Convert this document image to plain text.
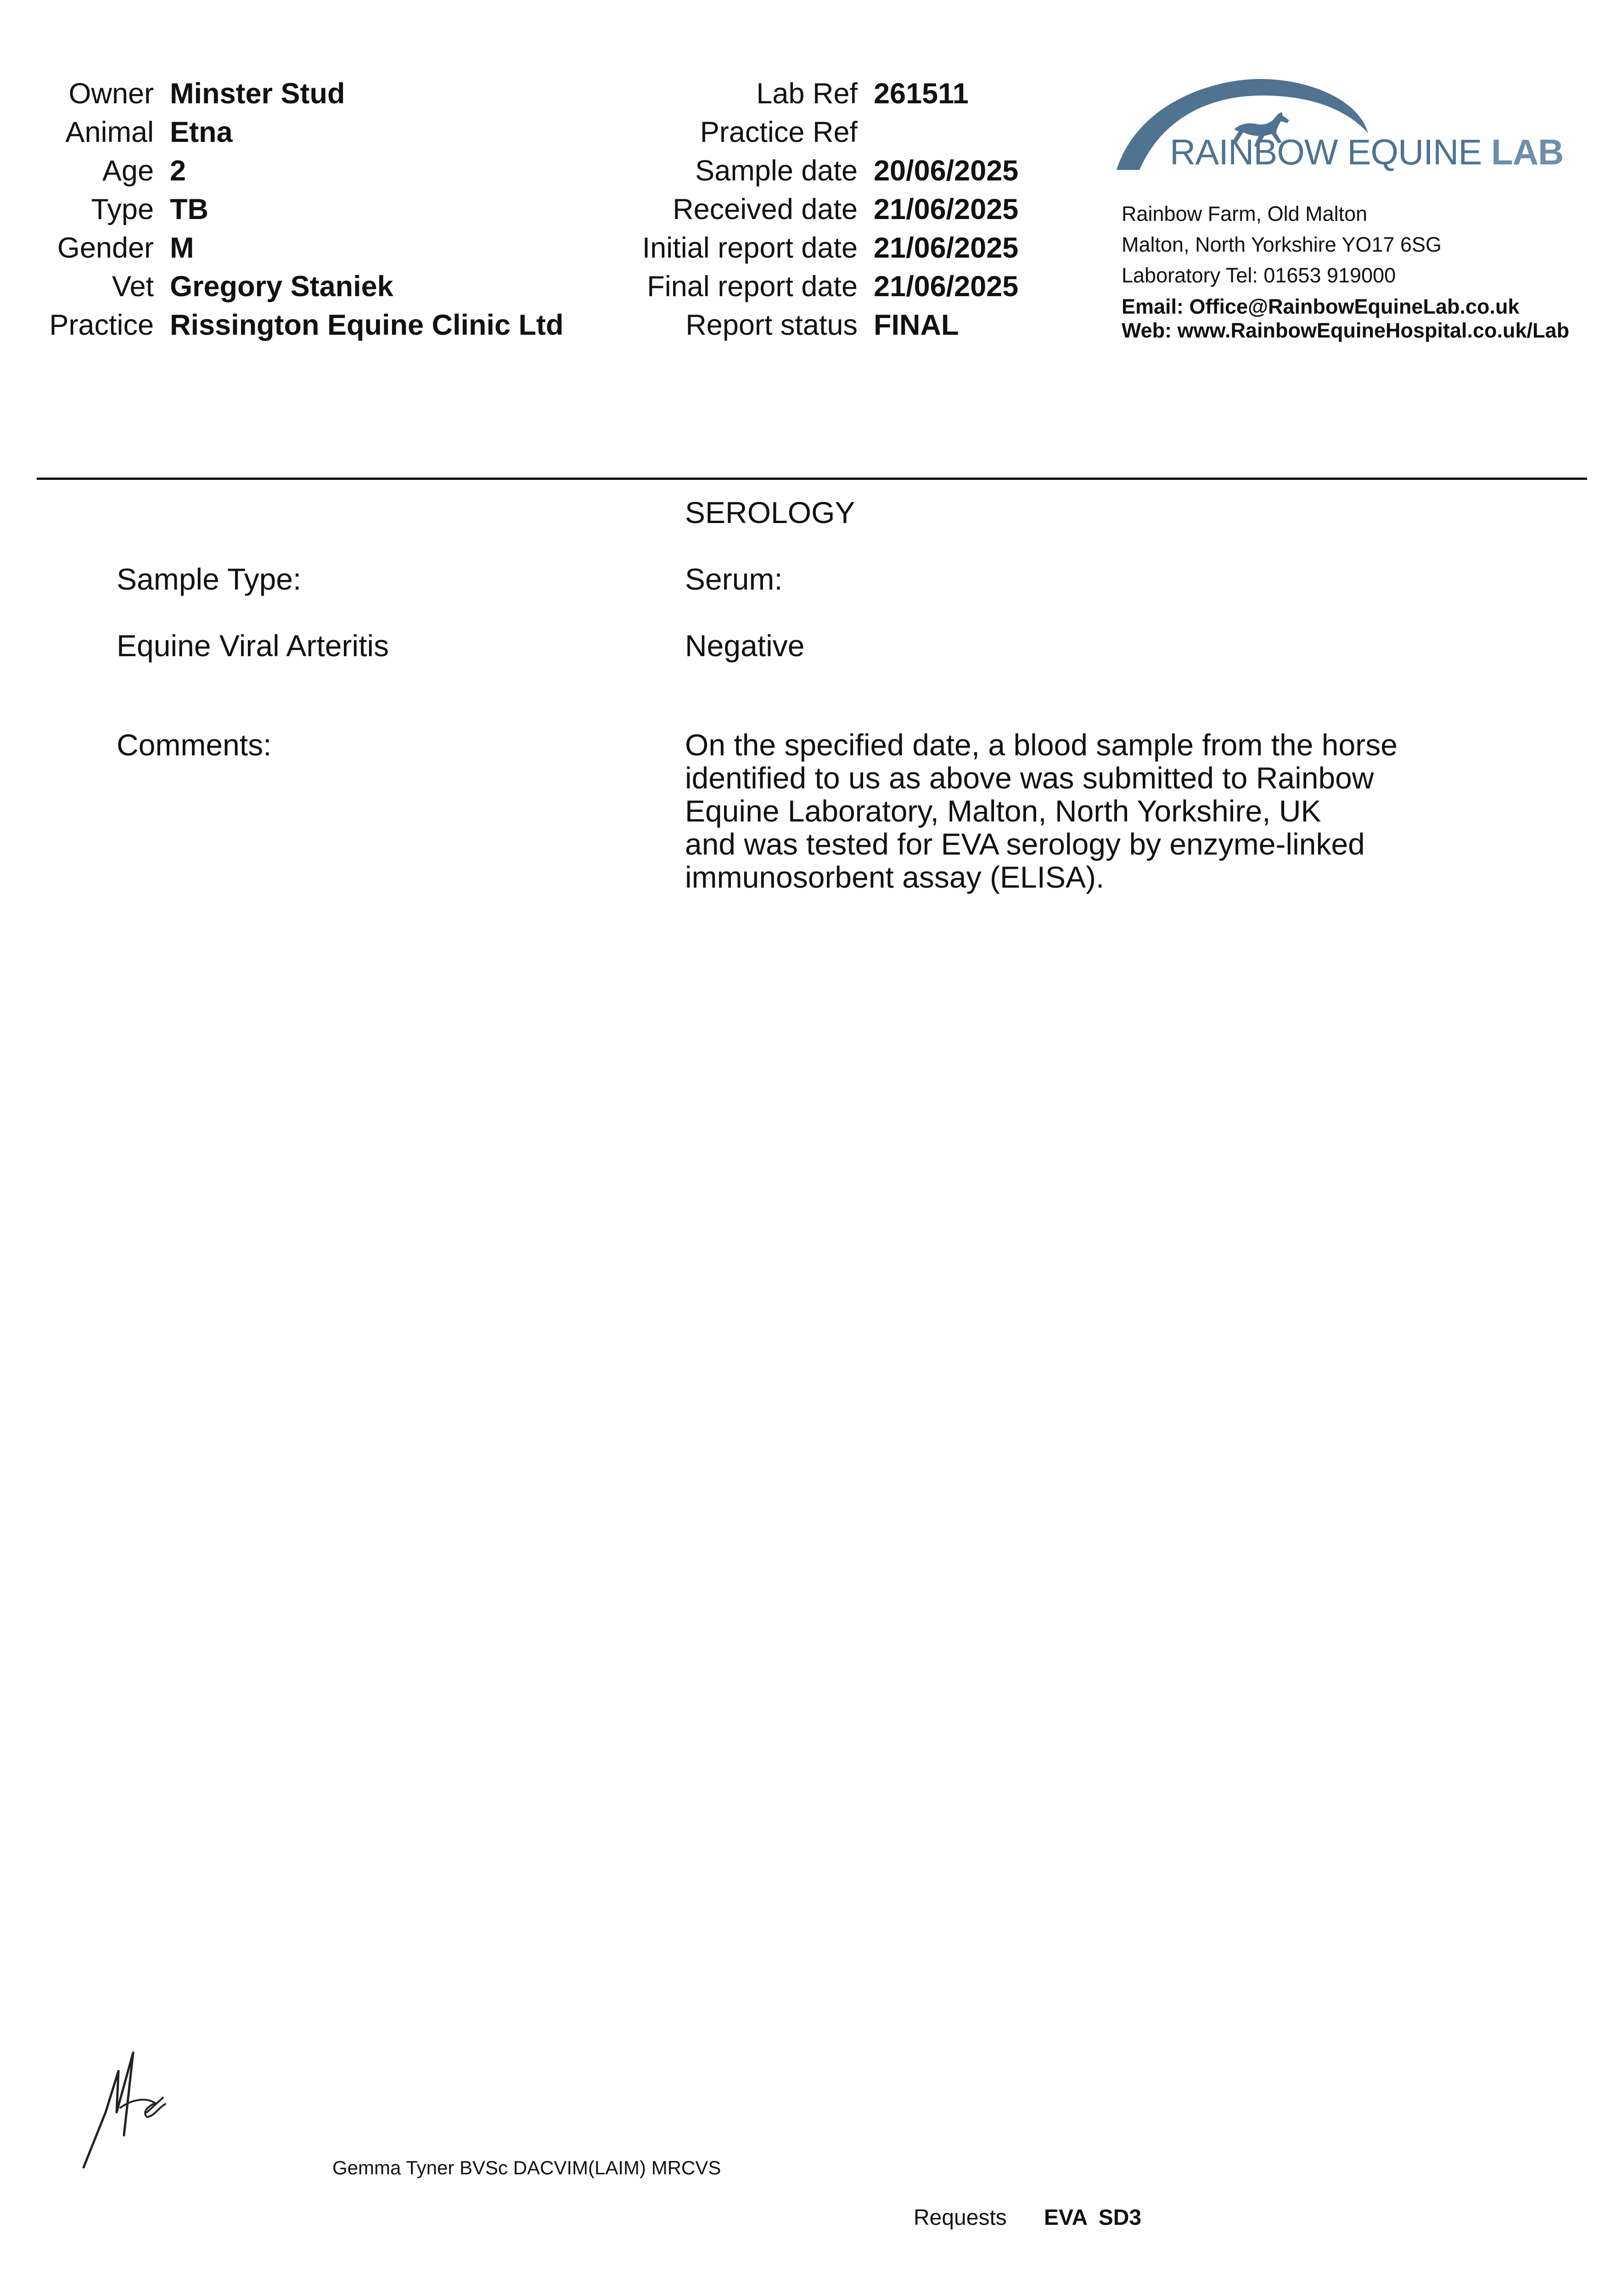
Owner Minster Stud
Animal Etna
Age 2
Type TB
Gender M
Vet Gregory Staniek
Practice Rissington Equine Clinic Ltd
Lab Ref 261511
Practice Ref
Sample date 20/06/2025
Received date 21/06/2025
Initial report date 21/06/2025
Final report date 21/06/2025
Report status FINAL
RAINBOW EQUINE LAB
Rainbow Farm, Old Malton
Malton, North Yorkshire YO17 6SG
Laboratory Tel: 01653 919000
Email: Office@RainbowEquineLab.co.uk
Web: www.RainbowEquineHospital.co.uk/Lab
SEROLOGY
Sample Type:	Serum:
Equine Viral Arteritis	Negative
Comments:	On the specified date, a blood sample from the horse
identified to us as above was submitted to Rainbow
Equine Laboratory, Malton, North Yorkshire, UK
and was tested for EVA serology by enzyme-linked
immunosorbent assay (ELISA).
Gemma Tyner BVSc DACVIM(LAIM) MRCVS
Requests EVA SD3
